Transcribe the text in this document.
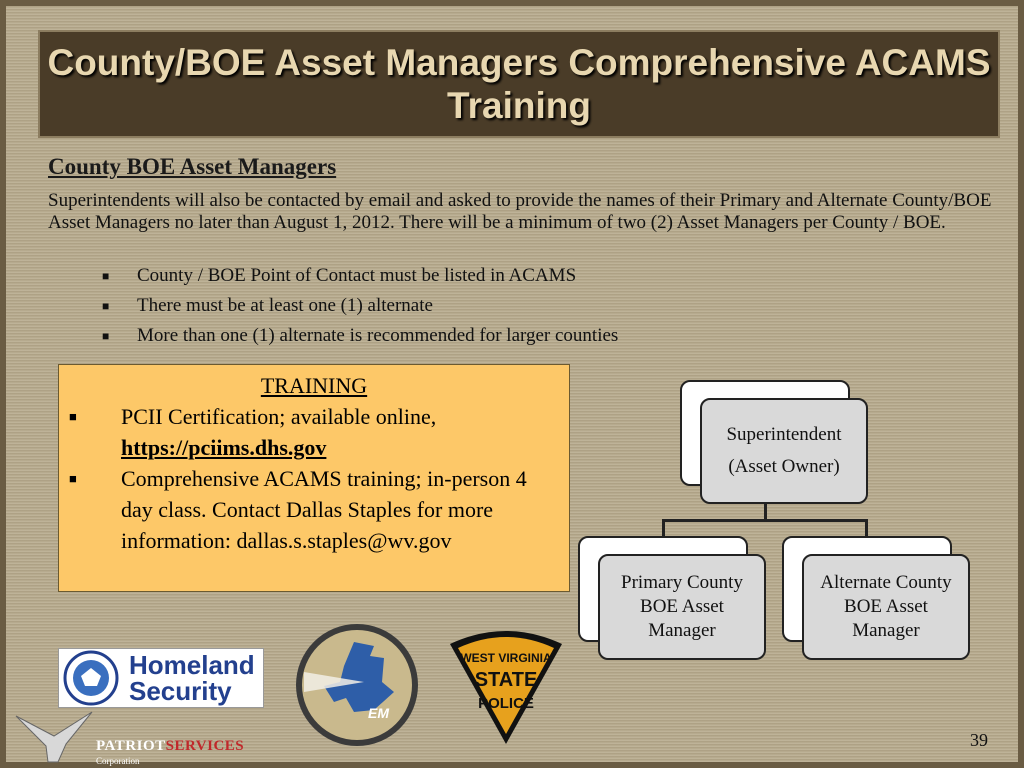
County/BOE Asset Managers Comprehensive ACAMS Training
County BOE Asset Managers
Superintendents will also be contacted by email and asked to provide the names of their Primary and Alternate County/BOE Asset Managers no later than August 1, 2012. There will be a minimum of two (2) Asset Managers per County / BOE.
■	County / BOE Point of Contact must be listed in ACAMS
■	There must be at least one (1) alternate
■	More than one (1) alternate is recommended for larger counties
TRAINING
■	PCII Certification; available online,
https://pciims.dhs.gov
■	Comprehensive ACAMS training; in-person 4 day class. Contact Dallas Staples for more information: dallas.s.staples@wv.gov
Superintendent
(Asset Owner)
Primary County BOE Asset Manager
Alternate County BOE Asset Manager
Homeland
Security
EM
WEST VIRGINIA
STATE
POLICE
PATRIOTSERVICES
Corporation
39
